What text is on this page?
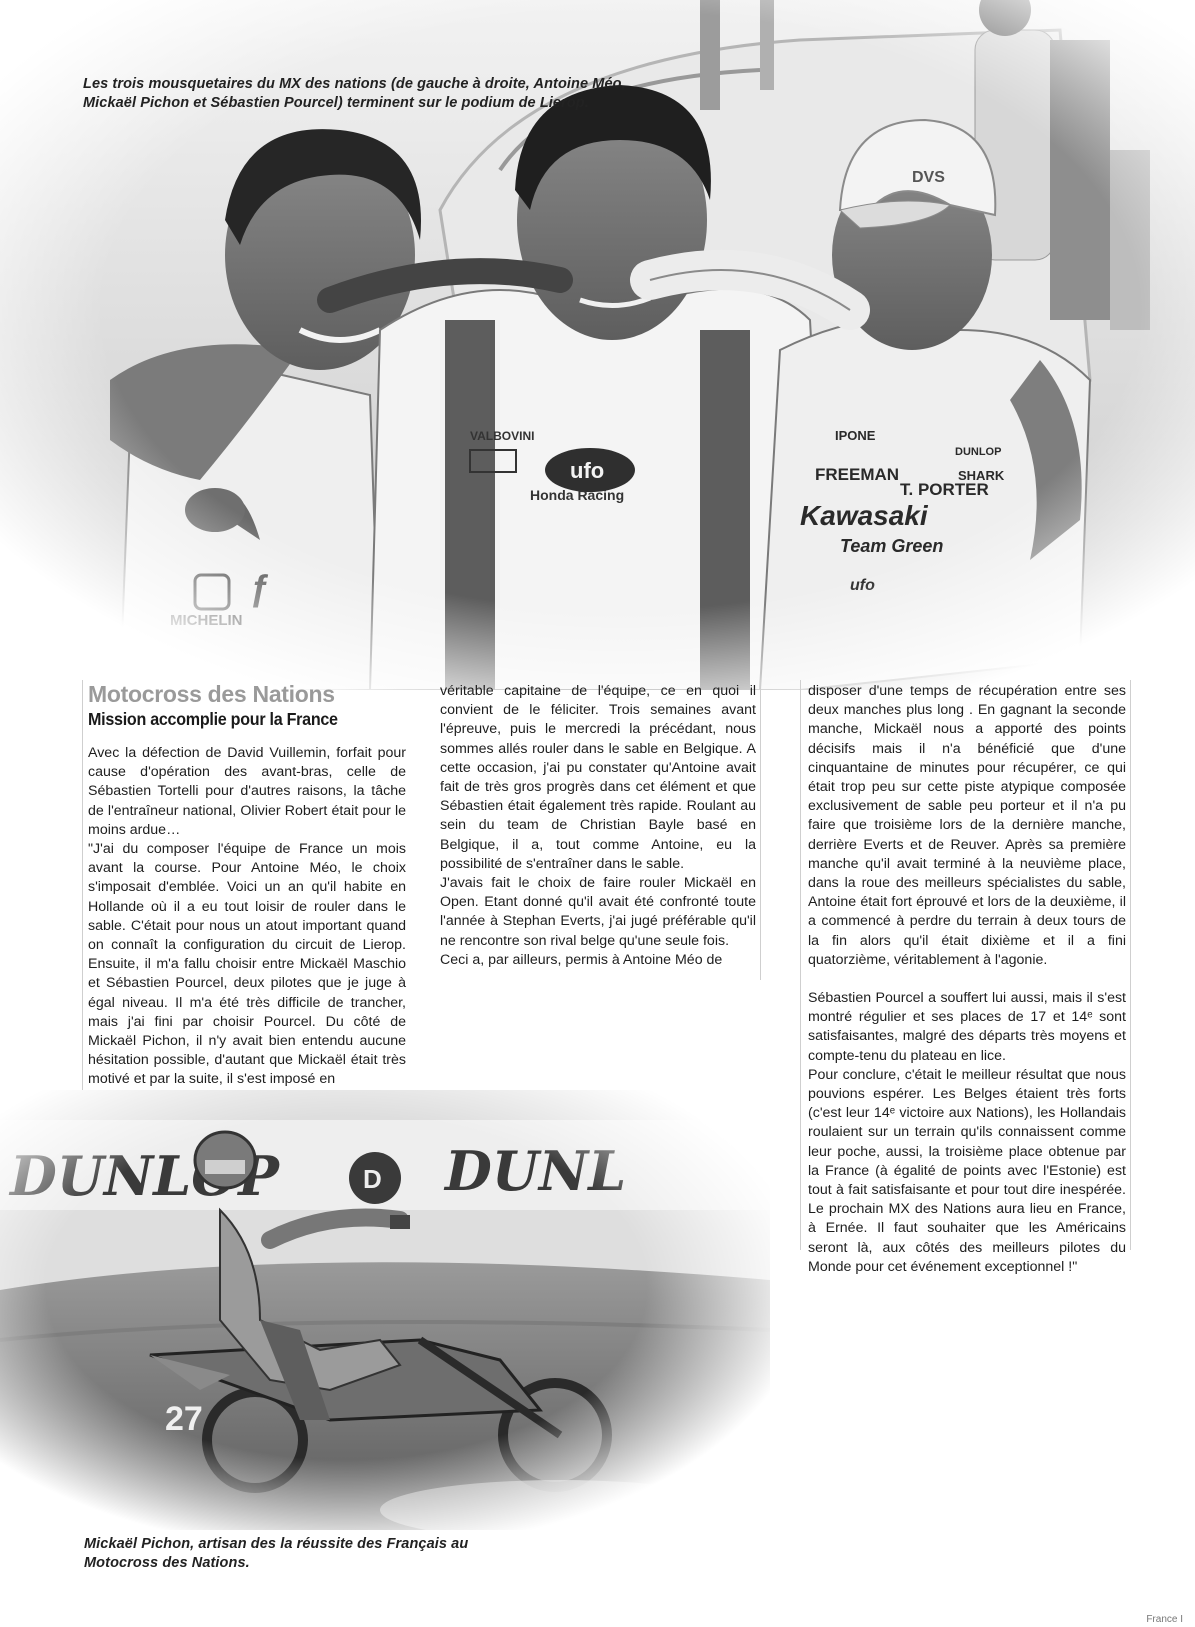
Les trois mousquetaires du MX des nations (de gauche à droite, Antoine Méo,
Mickaël Pichon et Sébastien Pourcel) terminent sur le podium de Lierop.
Motocross des Nations
Mission accomplie pour la France

Avec la défection de David Vuillemin, forfait pour cause d'opération des avant-bras, celle de Sébastien Tortelli pour d'autres raisons, la tâche de l'entraîneur national, Olivier Robert était pour le moins ardue…

"J'ai du composer l'équipe de France un mois avant la course. Pour Antoine Méo, le choix s'imposait d'emblée. Voici un an qu'il habite en Hollande où il a eu tout loisir de rouler dans le sable. C'était pour nous un atout important quand on connaît la configuration du circuit de Lierop. Ensuite, il m'a fallu choisir entre Mickaël Maschio et Sébastien Pourcel, deux pilotes que je juge à égal niveau. Il m'a été très difficile de trancher, mais j'ai fini par choisir Pourcel. Du côté de Mickaël Pichon, il n'y avait bien entendu aucune hésitation possible, d'autant que Mickaël était très motivé et par la suite, il s'est imposé en

véritable capitaine de l'équipe, ce en quoi il convient de le féliciter. Trois semaines avant l'épreuve, puis le mercredi la précédant, nous sommes allés rouler dans le sable en Belgique. A cette occasion, j'ai pu constater qu'Antoine avait fait de très gros progrès dans cet élément et que Sébastien était également très rapide. Roulant au sein du team de Christian Bayle basé en Belgique, il a, tout comme Antoine, eu la possibilité de s'entraîner dans le sable.

J'avais fait le choix de faire rouler Mickaël en Open. Etant donné qu'il avait été confronté toute l'année à Stephan Everts, j'ai jugé préférable qu'il ne rencontre son rival belge qu'une seule fois.

Ceci a, par ailleurs, permis à Antoine Méo de

disposer d'une temps de récupération entre ses deux manches plus long . En gagnant la seconde manche, Mickaël nous a apporté des points décisifs mais il n'a bénéficié que d'une cinquantaine de minutes pour récupérer, ce qui était trop peu sur cette piste atypique composée exclusivement de sable peu porteur et il n'a pu faire que troisième lors de la dernière manche, derrière Everts et de Reuver. Après sa première manche qu'il avait terminé à la neuvième place, dans la roue des meilleurs spécialistes du sable, Antoine était fort éprouvé et lors de la deuxième, il a commencé à perdre du terrain à deux tours de la fin alors qu'il était dixième et il a fini quatorzième, véritablement à l'agonie.

Sébastien Pourcel a souffert lui aussi, mais il s'est montré régulier et ses places de 17 et 14ᵉ sont satisfaisantes, malgré des départs très moyens et compte-tenu du plateau en lice.

Pour conclure, c'était le meilleur résultat que nous pouvions espérer. Les Belges étaient très forts (c'est leur 14ᵉ victoire aux Nations), les Hollandais roulaient sur un terrain qu'ils connaissent comme leur poche, aussi, la troisième place obtenue par la France (à égalité de points avec l'Estonie) est tout à fait satisfaisante et pour tout dire inespérée. Le prochain MX des Nations aura lieu en France, à Ernée. Il faut souhaiter que les Américains seront là, aux côtés des meilleurs pilotes du Monde pour cet événement exceptionnel !"

Mickaël Pichon, artisan des la réussite des Français au
Motocross des Nations.
France I
